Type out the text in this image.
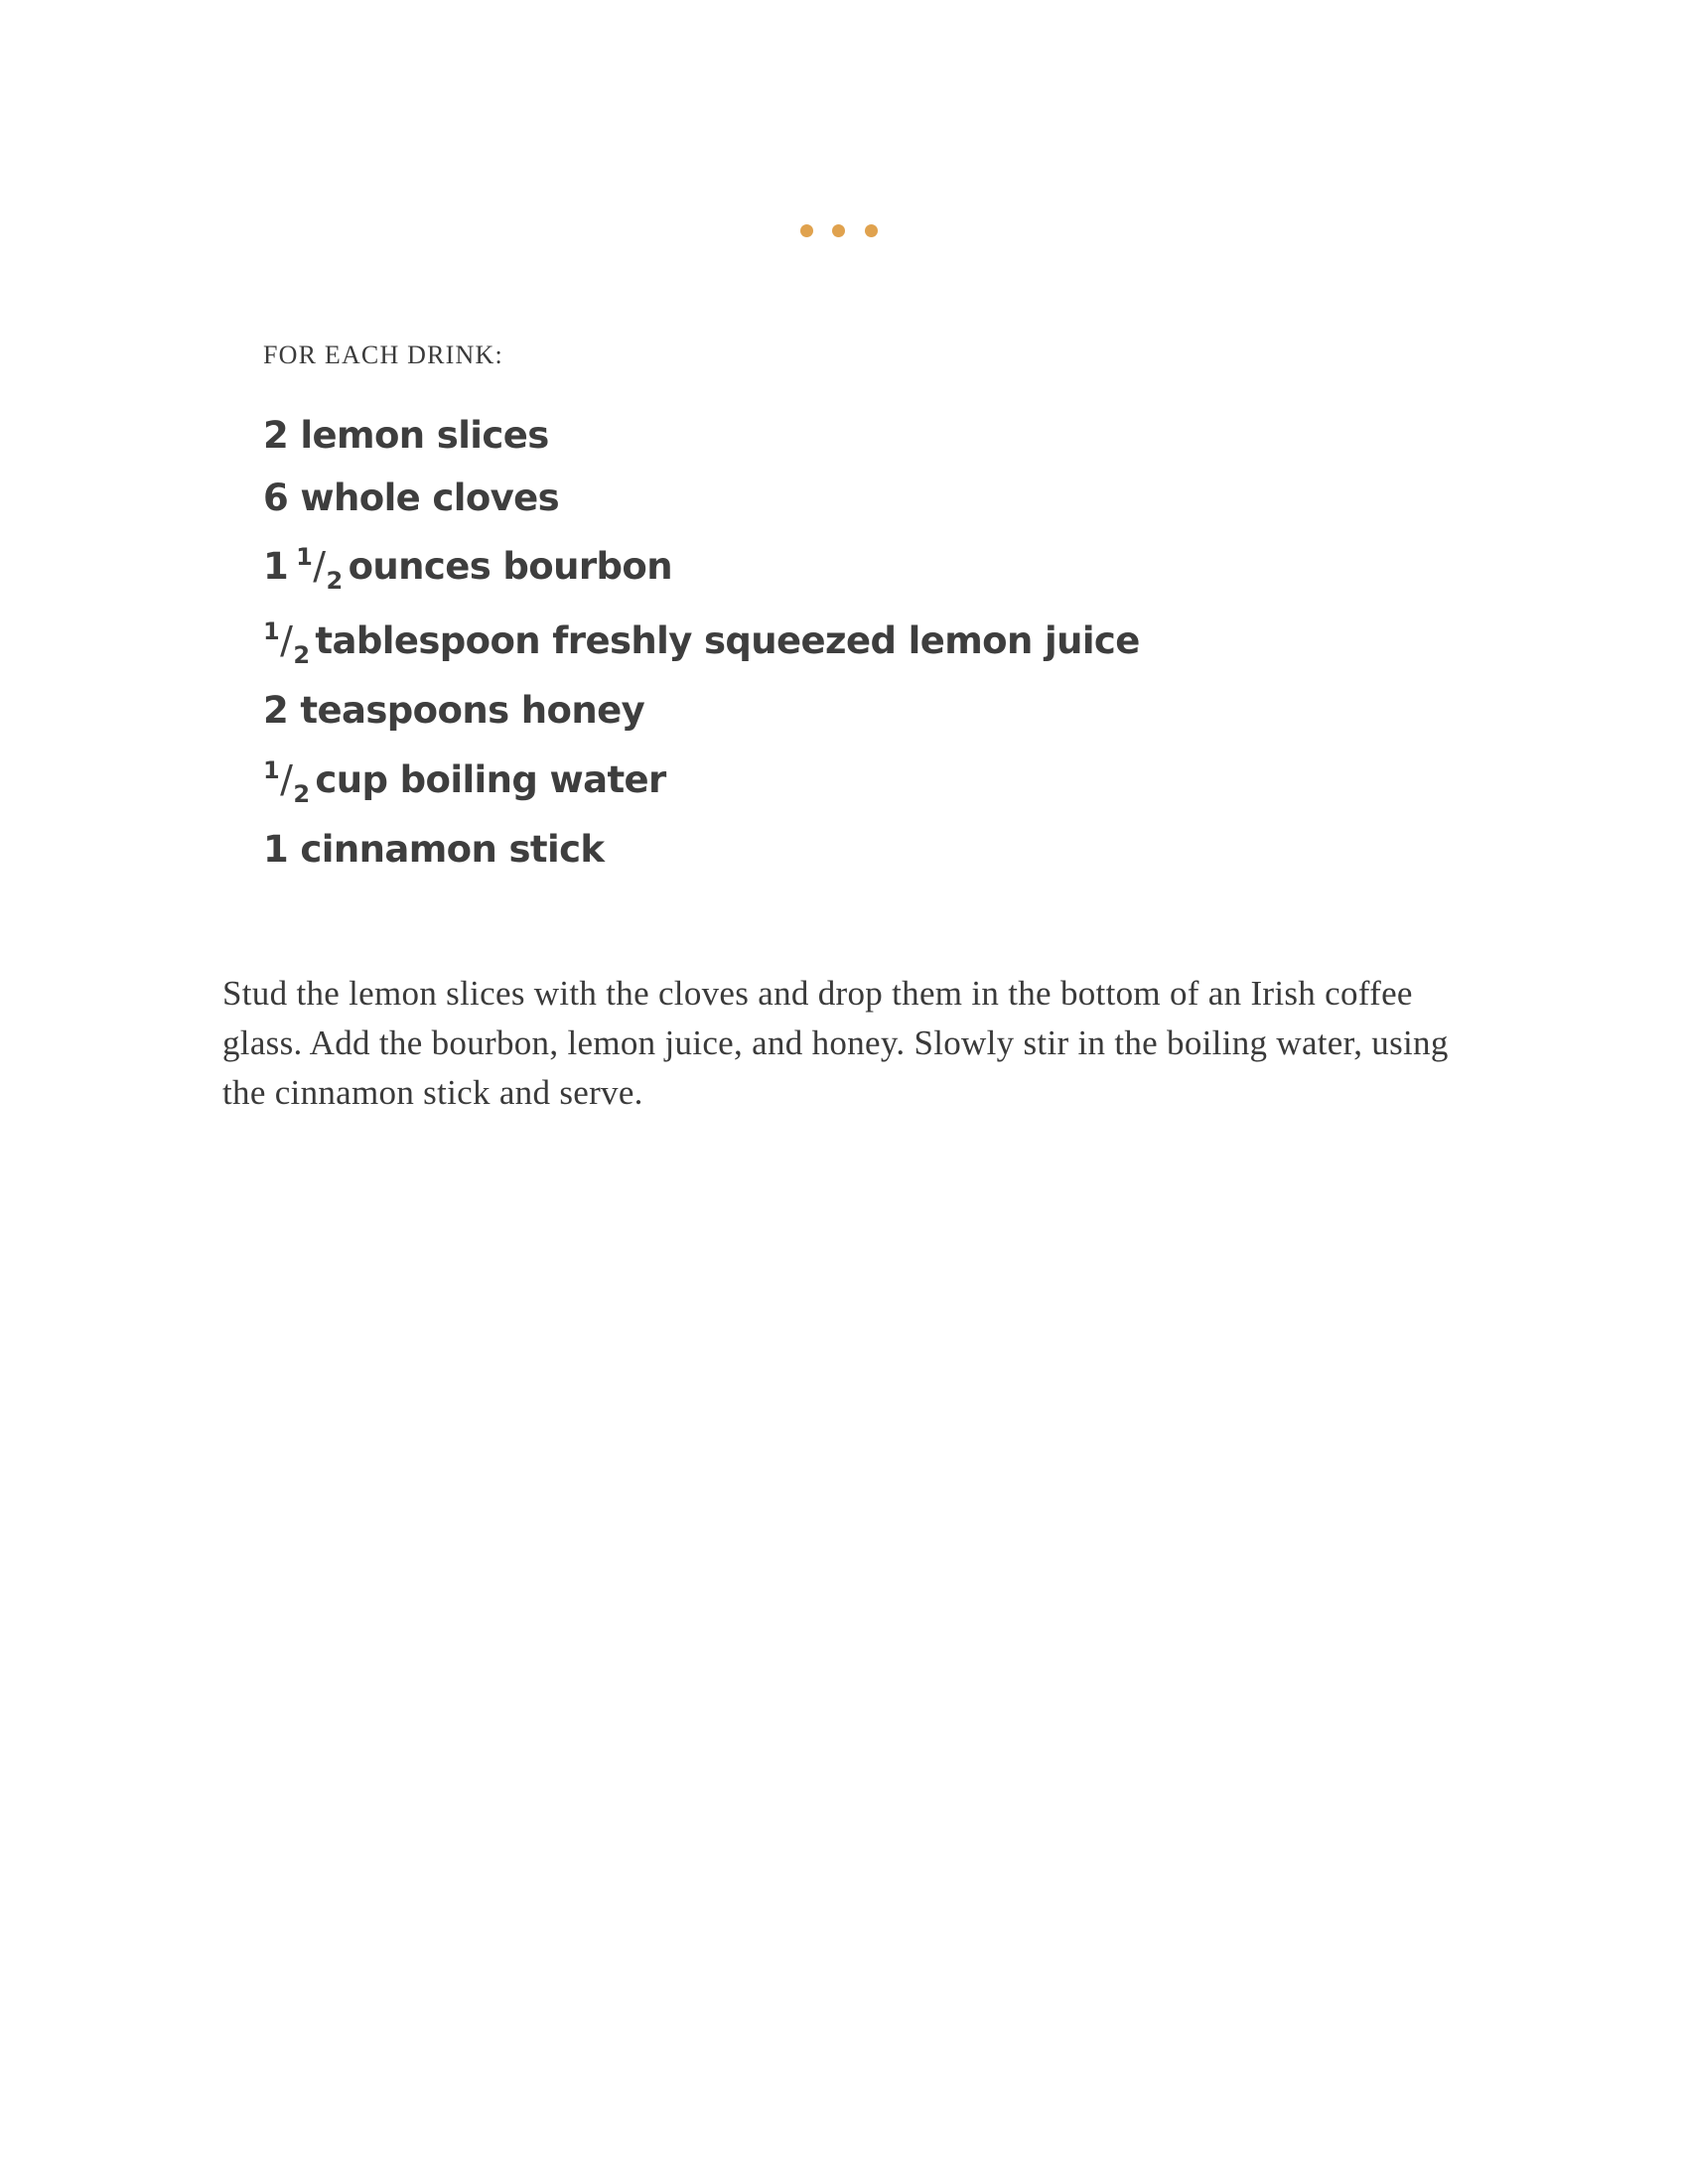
FOR EACH DRINK:

2 lemon slices
6 whole cloves
1 $^1/_2$ ounces bourbon
$^1/_2$ tablespoon freshly squeezed lemon juice
2 teaspoons honey
$^1/_2$ cup boiling water
1 cinnamon stick

Stud the lemon slices with the cloves and drop them in the bottom of an Irish coffee glass. Add the bourbon, lemon juice, and honey. Slowly stir in the boiling water, using the cinnamon stick and serve.
